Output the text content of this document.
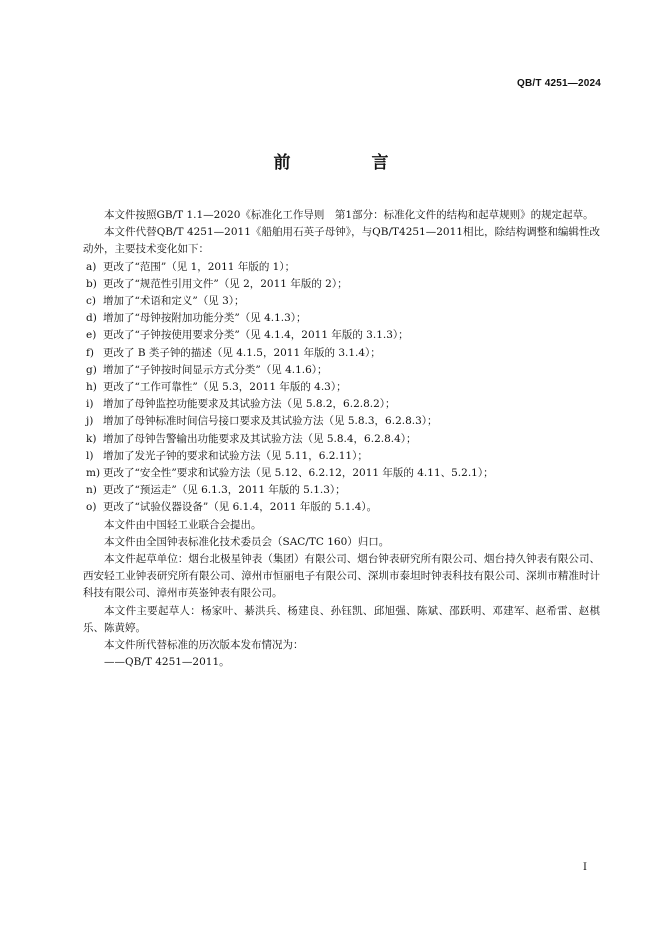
QB/T 4251—2024
前　言

本文件按照GB/T 1.1—2020《标准化工作导则　第1部分：标准化文件的结构和起草规则》的规定起草。

本文件代替QB/T 4251—2011《船舶用石英子母钟》，与QB/T4251—2011相比，除结构调整和编辑性改动外，主要技术变化如下：

a) 更改了“范围”（见 1，2011 年版的 1）；
b) 更改了“规范性引用文件”（见 2，2011 年版的 2）；
c) 增加了“术语和定义”（见 3）；
d) 增加了“母钟按附加功能分类”（见 4.1.3）；
e) 更改了“子钟按使用要求分类”（见 4.1.4，2011 年版的 3.1.3）；
f) 更改了 B 类子钟的描述（见 4.1.5，2011 年版的 3.1.4）；
g) 增加了“子钟按时间显示方式分类”（见 4.1.6）；
h) 更改了“工作可靠性”（见 5.3，2011 年版的 4.3）；
i) 增加了母钟监控功能要求及其试验方法（见 5.8.2，6.2.8.2）；
j) 增加了母钟标准时间信号接口要求及其试验方法（见 5.8.3，6.2.8.3）；
k) 增加了母钟告警输出功能要求及其试验方法（见 5.8.4，6.2.8.4）；
l) 增加了发光子钟的要求和试验方法（见 5.11，6.2.11）；
m) 更改了“安全性”要求和试验方法（见 5.12、6.2.12，2011 年版的 4.11、5.2.1）；
n) 更改了“预运走”（见 6.1.3，2011 年版的 5.1.3）；
o) 更改了“试验仪器设备”（见 6.1.4，2011 年版的 5.1.4）。

本文件由中国轻工业联合会提出。

本文件由全国钟表标准化技术委员会（SAC/TC 160）归口。

本文件起草单位：烟台北极星钟表（集团）有限公司、烟台钟表研究所有限公司、烟台持久钟表有限公司、西安轻工业钟表研究所有限公司、漳州市恒丽电子有限公司、深圳市泰坦时钟表科技有限公司、深圳市精准时计科技有限公司、漳州市英崟钟表有限公司。

本文件主要起草人：杨家叶、綦洪兵、杨建良、孙钰凯、邱旭强、陈斌、邵跃明、邓建军、赵希雷、赵棋乐、陈黄婷。

本文件所代替标准的历次版本发布情况为：

——QB/T 4251—2011。

I
